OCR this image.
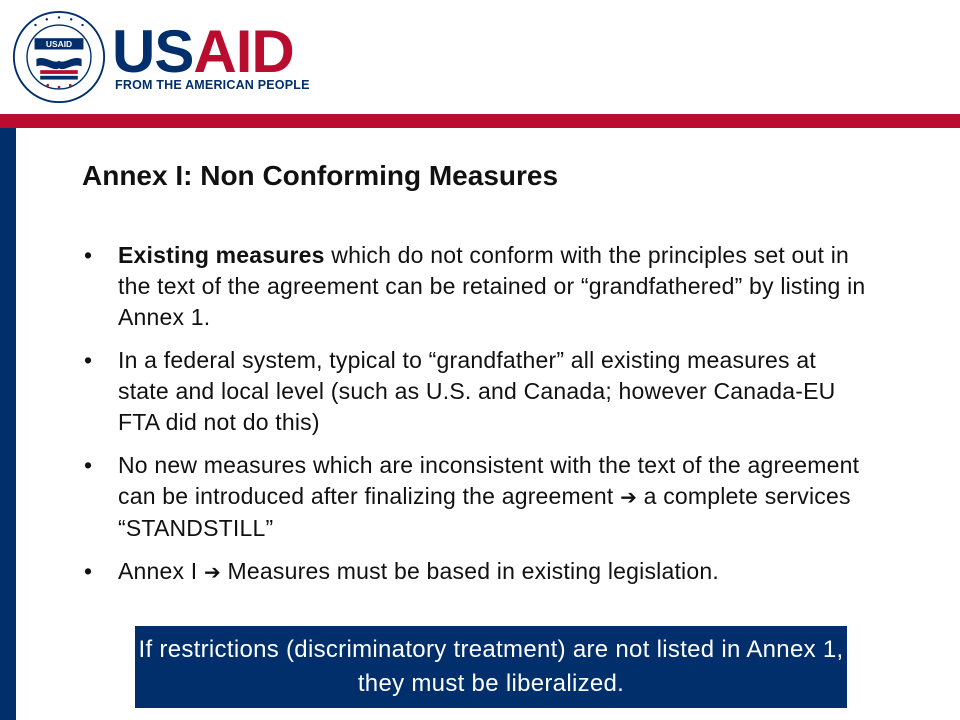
USAID USAID
FROM THE AMERICAN PEOPLE
Annex I: Non Conforming Measures
• Existing measures which do not conform with the principles set out in the text of the agreement can be retained or “grandfathered” by listing in Annex 1.
• In a federal system, typical to “grandfather” all existing measures at state and local level (such as U.S. and Canada; however Canada-EU FTA did not do this)
• No new measures which are inconsistent with the text of the agreement can be introduced after finalizing the agreement ➔ a complete services “STANDSTILL”
• Annex I ➔ Measures must be based in existing legislation.
If restrictions (discriminatory treatment) are not listed in Annex 1, they must be liberalized.
